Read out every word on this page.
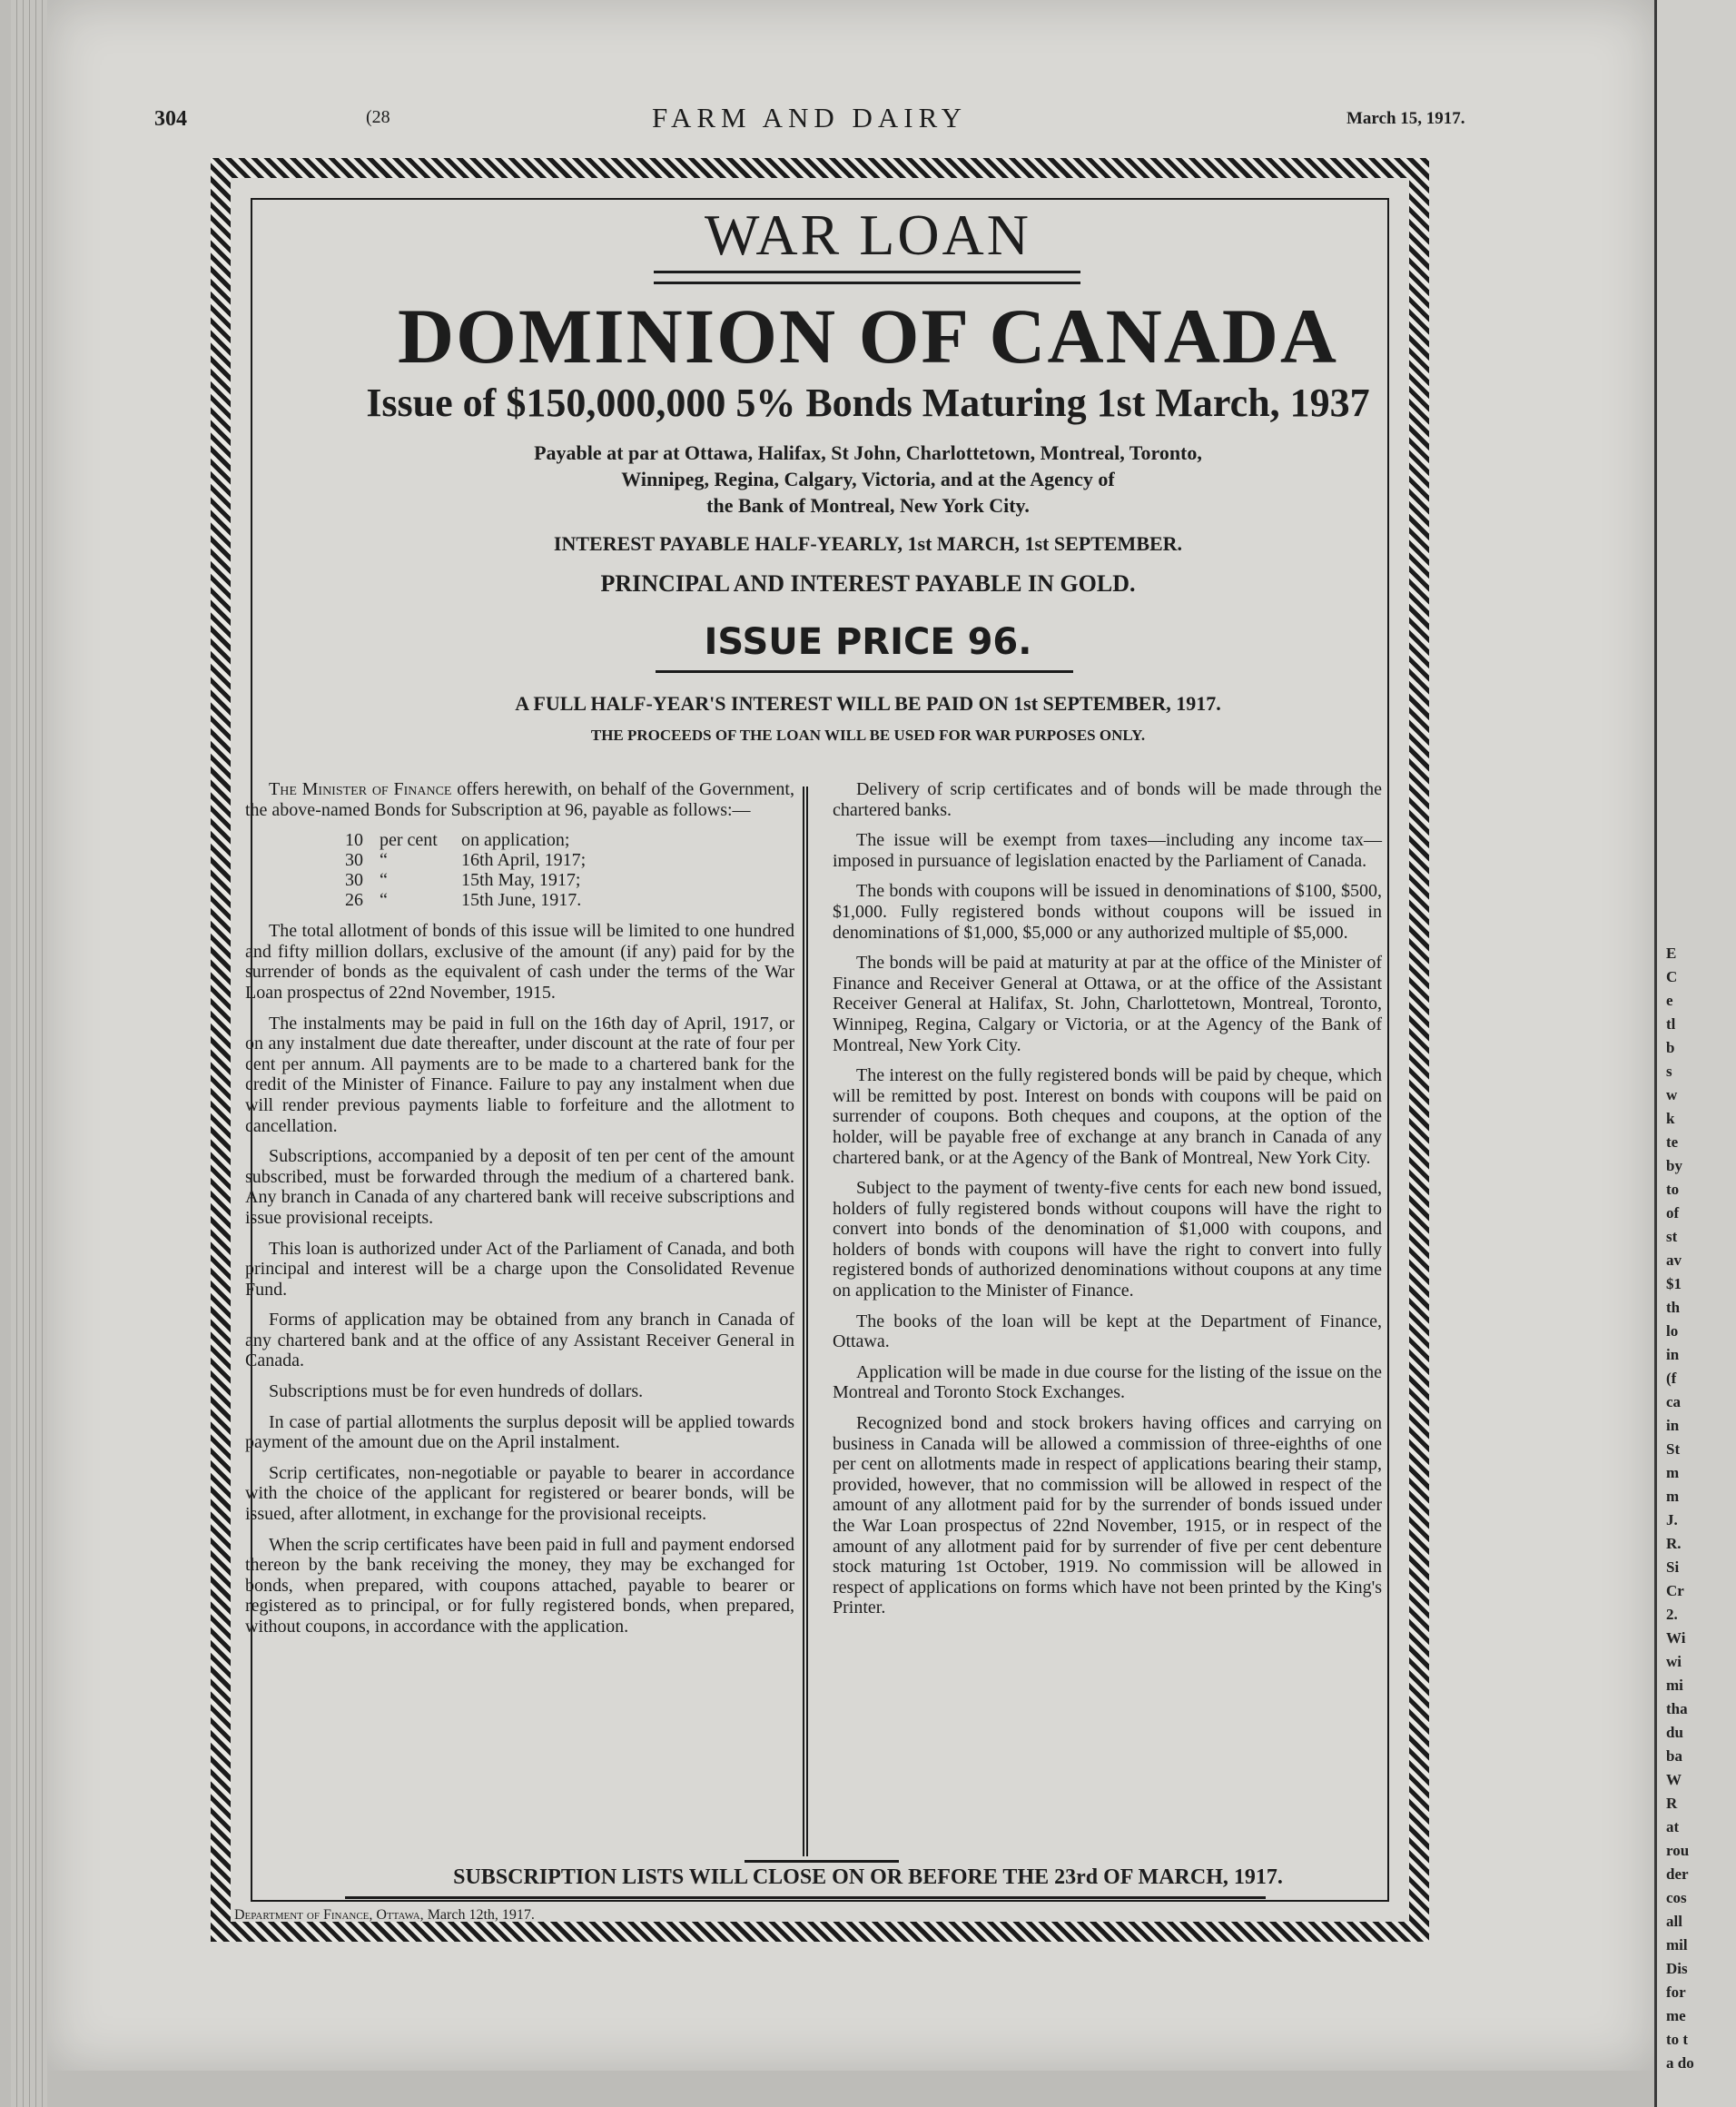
E
C
e
tl
b
s
w
k
te
by
to
of
st
av
$1
th
lo
in
(f
ca
in
St
m
m
J.
R.
Si
Cr
2.
Wi
wi
mi
tha
du
ba
W
R
at
rou
der
cos
all
mil
Dis
for
me
to t
a do
304	(28	FARM AND DAIRY	March 15, 1917.
WAR LOAN
DOMINION OF CANADA
Issue of $150,000,000 5% Bonds Maturing 1st March, 1937
Payable at par at Ottawa, Halifax, St John, Charlottetown, Montreal, Toronto,
Winnipeg, Regina, Calgary, Victoria, and at the Agency of
the Bank of Montreal, New York City.
INTEREST PAYABLE HALF-YEARLY, 1st MARCH, 1st SEPTEMBER.
PRINCIPAL AND INTEREST PAYABLE IN GOLD.
ISSUE PRICE 96.
A FULL HALF-YEAR'S INTEREST WILL BE PAID ON 1st SEPTEMBER, 1917.
THE PROCEEDS OF THE LOAN WILL BE USED FOR WAR PURPOSES ONLY.

The Minister of Finance offers herewith, on behalf of the Government, the above-named Bonds for Subscription at 96, payable as follows:—

10 per cent on application;
30 “	16th April, 1917;
30 “	15th May, 1917;
26 “	15th June, 1917.

The total allotment of bonds of this issue will be limited to one hundred and fifty million dollars, exclusive of the amount (if any) paid for by the surrender of bonds as the equivalent of cash under the terms of the War Loan prospectus of 22nd November, 1915.

The instalments may be paid in full on the 16th day of April, 1917, or on any instalment due date thereafter, under discount at the rate of four per cent per annum. All payments are to be made to a chartered bank for the credit of the Minister of Finance. Failure to pay any instalment when due will render previous payments liable to forfeiture and the allotment to cancellation.

Subscriptions, accompanied by a deposit of ten per cent of the amount subscribed, must be forwarded through the medium of a chartered bank. Any branch in Canada of any chartered bank will receive subscriptions and issue provisional receipts.

This loan is authorized under Act of the Parliament of Canada, and both principal and interest will be a charge upon the Consolidated Revenue Fund.

Forms of application may be obtained from any branch in Canada of any chartered bank and at the office of any Assistant Receiver General in Canada.

Subscriptions must be for even hundreds of dollars.

In case of partial allotments the surplus deposit will be applied towards payment of the amount due on the April instalment.

Scrip certificates, non-negotiable or payable to bearer in accordance with the choice of the applicant for registered or bearer bonds, will be issued, after allotment, in exchange for the provisional receipts.

When the scrip certificates have been paid in full and payment endorsed thereon by the bank receiving the money, they may be exchanged for bonds, when prepared, with coupons attached, payable to bearer or registered as to principal, or for fully registered bonds, when prepared, without coupons, in accordance with the application.

Delivery of scrip certificates and of bonds will be made through the chartered banks.

The issue will be exempt from taxes—including any income tax—imposed in pursuance of legislation enacted by the Parliament of Canada.

The bonds with coupons will be issued in denominations of $100, $500, $1,000. Fully registered bonds without coupons will be issued in denominations of $1,000, $5,000 or any authorized multiple of $5,000.

The bonds will be paid at maturity at par at the office of the Minister of Finance and Receiver General at Ottawa, or at the office of the Assistant Receiver General at Halifax, St. John, Charlottetown, Montreal, Toronto, Winnipeg, Regina, Calgary or Victoria, or at the Agency of the Bank of Montreal, New York City.

The interest on the fully registered bonds will be paid by cheque, which will be remitted by post. Interest on bonds with coupons will be paid on surrender of coupons. Both cheques and coupons, at the option of the holder, will be payable free of exchange at any branch in Canada of any chartered bank, or at the Agency of the Bank of Montreal, New York City.

Subject to the payment of twenty-five cents for each new bond issued, holders of fully registered bonds without coupons will have the right to convert into bonds of the denomination of $1,000 with coupons, and holders of bonds with coupons will have the right to convert into fully registered bonds of authorized denominations without coupons at any time on application to the Minister of Finance.

The books of the loan will be kept at the Department of Finance, Ottawa.

Application will be made in due course for the listing of the issue on the Montreal and Toronto Stock Exchanges.

Recognized bond and stock brokers having offices and carrying on business in Canada will be allowed a commission of three-eighths of one per cent on allotments made in respect of applications bearing their stamp, provided, however, that no commission will be allowed in respect of the amount of any allotment paid for by the surrender of bonds issued under the War Loan prospectus of 22nd November, 1915, or in respect of the amount of any allotment paid for by surrender of five per cent debenture stock maturing 1st October, 1919. No commission will be allowed in respect of applications on forms which have not been printed by the King's Printer.

SUBSCRIPTION LISTS WILL CLOSE ON OR BEFORE THE 23rd OF MARCH, 1917.
Department of Finance, Ottawa, March 12th, 1917.
